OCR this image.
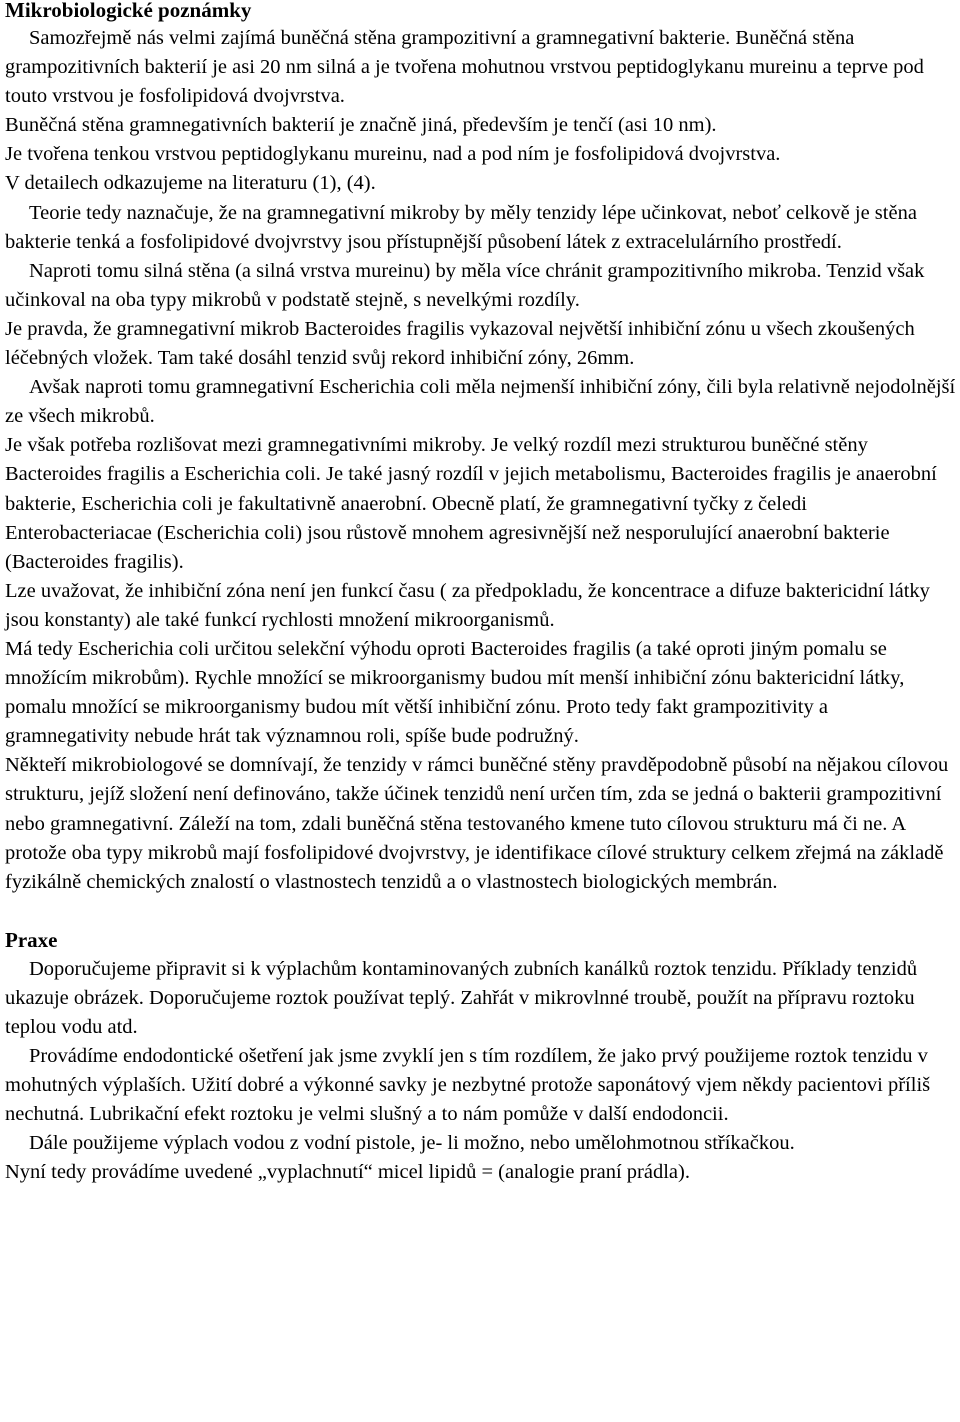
Mikrobiologické poznámky

Samozřejmě nás velmi zajímá buněčná stěna grampozitivní a gramnegativní bakterie. Buněčná stěna grampozitivních bakterií je asi 20 nm silná a je tvořena mohutnou vrstvou peptidoglykanu mureinu a teprve pod touto vrstvou je fosfolipidová dvojvrstva.

Buněčná stěna gramnegativních bakterií je značně jiná, především je tenčí (asi 10 nm).

Je tvořena tenkou vrstvou peptidoglykanu mureinu, nad a pod ním je fosfolipidová dvojvrstva.

V detailech odkazujeme na literaturu (1), (4).

Teorie tedy naznačuje, že na gramnegativní mikroby by měly tenzidy lépe učinkovat, neboť celkově je stěna bakterie tenká a fosfolipidové dvojvrstvy jsou přístupnější působení látek z extracelulárního prostředí.

Naproti tomu silná stěna (a silná vrstva mureinu) by měla více chránit grampozitivního mikroba. Tenzid však učinkoval na oba typy mikrobů v podstatě stejně, s nevelkými rozdíly.

Je pravda, že gramnegativní mikrob Bacteroides fragilis vykazoval největší inhibiční zónu u všech zkoušených léčebných vložek. Tam také dosáhl tenzid svůj rekord inhibiční zóny, 26mm.

Avšak naproti tomu gramnegativní Escherichia coli měla nejmenší inhibiční zóny, čili byla relativně nejodolnější ze všech mikrobů.

Je však potřeba rozlišovat mezi gramnegativními mikroby. Je velký rozdíl mezi strukturou buněčné stěny Bacteroides fragilis a Escherichia coli. Je také jasný rozdíl v jejich metabolismu, Bacteroides fragilis je anaerobní bakterie, Escherichia coli je fakultativně anaerobní. Obecně platí, že gramnegativní tyčky z čeledi Enterobacteriacae (Escherichia coli) jsou růstově mnohem agresivnější než nesporulující anaerobní bakterie (Bacteroides fragilis).

Lze uvažovat, že inhibiční zóna není jen funkcí času ( za předpokladu, že koncentrace a difuze baktericidní látky jsou konstanty) ale také funkcí rychlosti množení mikroorganismů.

Má tedy Escherichia coli určitou selekční výhodu oproti Bacteroides fragilis (a také oproti jiným pomalu se množícím mikrobům). Rychle množící se mikroorganismy budou mít menší inhibiční zónu baktericidní látky, pomalu množící se mikroorganismy budou mít větší inhibiční zónu. Proto tedy fakt grampozitivity a gramnegativity nebude hrát tak významnou roli, spíše bude podružný.

Někteří mikrobiologové se domnívají, že tenzidy v rámci buněčné stěny pravděpodobně působí na nějakou cílovou strukturu, jejíž složení není definováno, takže účinek tenzidů není určen tím, zda se jedná o bakterii grampozitivní nebo gramnegativní. Záleží na tom, zdali buněčná stěna testovaného kmene tuto cílovou strukturu má či ne. A protože oba typy mikrobů mají fosfolipidové dvojvrstvy, je identifikace cílové struktury celkem zřejmá na základě fyzikálně chemických znalostí o vlastnostech tenzidů a o vlastnostech biologických membrán.

Praxe

Doporučujeme připravit si k výplachům kontaminovaných zubních kanálků roztok tenzidu. Příklady tenzidů ukazuje obrázek. Doporučujeme roztok používat teplý. Zahřát v mikrovlnné troubě, použít na přípravu roztoku teplou vodu atd.

Provádíme endodontické ošetření jak jsme zvyklí jen s tím rozdílem, že jako prvý použijeme roztok tenzidu v mohutných výplaších. Užití dobré a výkonné savky je nezbytné protože saponátový vjem někdy pacientovi příliš nechutná. Lubrikační efekt roztoku je velmi slušný a to nám pomůže v další endodoncii.

Dále použijeme výplach vodou z vodní pistole, je- li možno, nebo umělohmotnou stříkačkou.

Nyní tedy provádíme uvedené „vyplachnutí“ micel lipidů = (analogie praní prádla).
